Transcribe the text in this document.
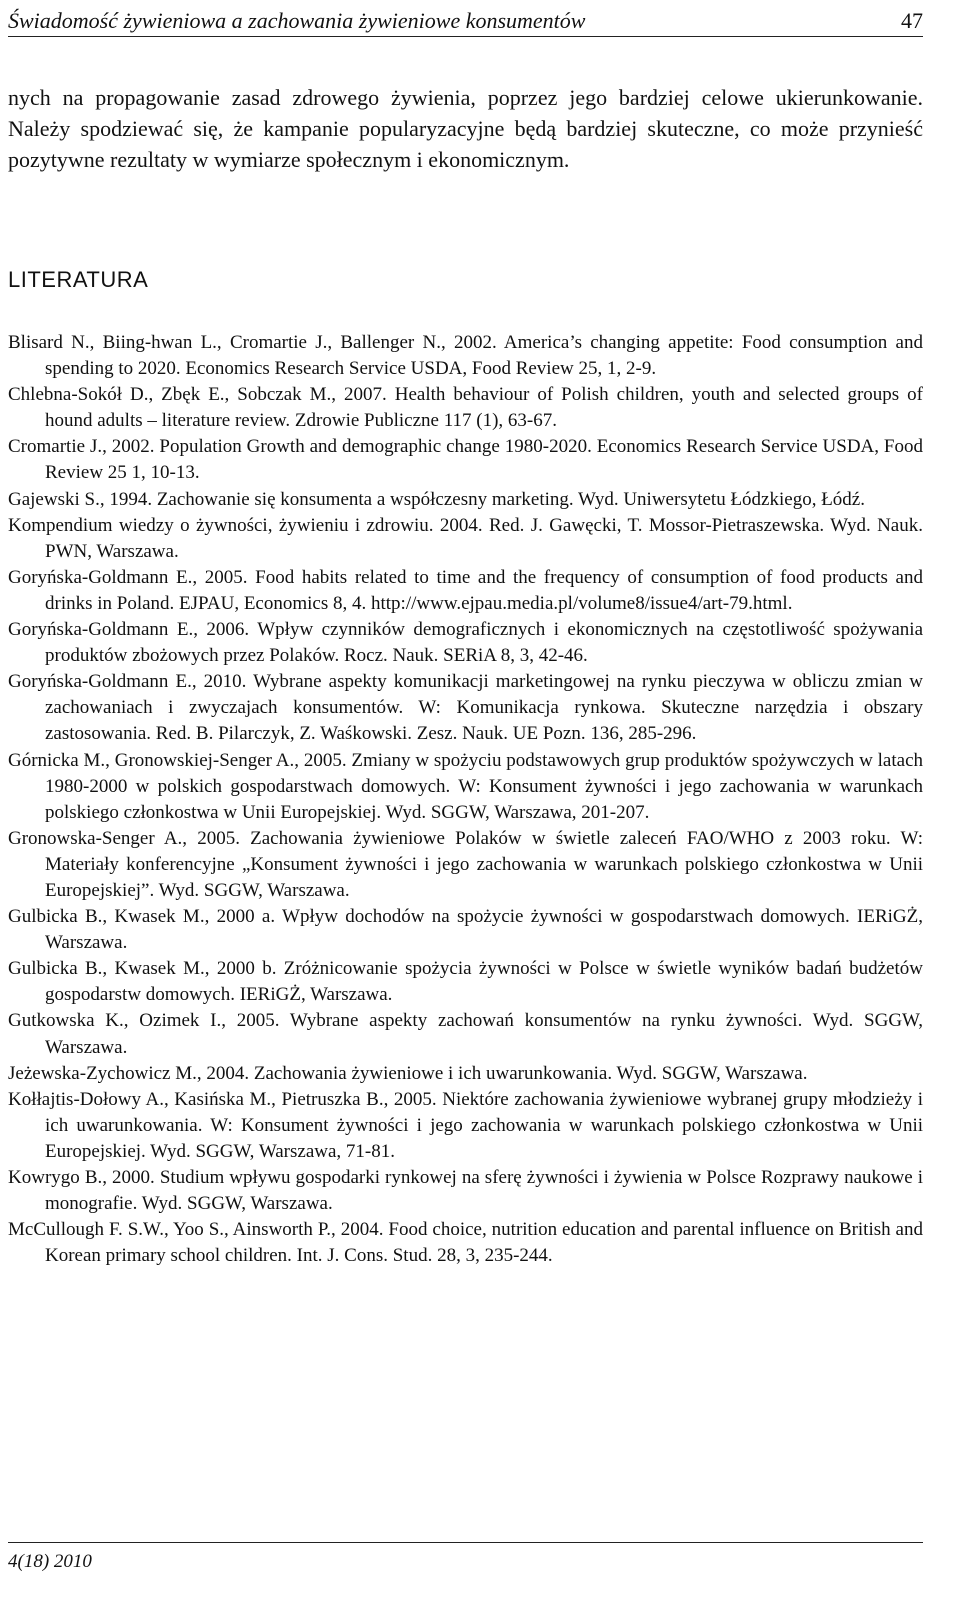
Świadomość żywieniowa a zachowania żywieniowe konsumentów	47

nych na propagowanie zasad zdrowego żywienia, poprzez jego bardziej celowe ukierunkowanie. Należy spodziewać się, że kampanie popularyzacyjne będą bardziej skuteczne, co może przynieść pozytywne rezultaty w wymiarze społecznym i ekonomicznym.

LITERATURA
Blisard N., Biing-hwan L., Cromartie J., Ballenger N., 2002. America’s changing appetite: Food consumption and spending to 2020. Economics Research Service USDA, Food Review 25, 1, 2-9.
Chlebna-Sokół D., Zbęk E., Sobczak M., 2007. Health behaviour of Polish children, youth and selected groups of hound adults – literature review. Zdrowie Publiczne 117 (1), 63-67.
Cromartie J., 2002. Population Growth and demographic change 1980-2020. Economics Research Service USDA, Food Review 25 1, 10-13.
Gajewski S., 1994. Zachowanie się konsumenta a współczesny marketing. Wyd. Uniwersytetu Łódzkiego, Łódź.
Kompendium wiedzy o żywności, żywieniu i zdrowiu. 2004. Red. J. Gawęcki, T. Mossor-Pietraszewska. Wyd. Nauk. PWN, Warszawa.
Goryńska-Goldmann E., 2005. Food habits related to time and the frequency of consumption of food products and drinks in Poland. EJPAU, Economics 8, 4. http://www.ejpau.media.pl/volume8/issue4/art-79.html.
Goryńska-Goldmann E., 2006. Wpływ czynników demograficznych i ekonomicznych na częstotliwość spożywania produktów zbożowych przez Polaków. Rocz. Nauk. SERiA 8, 3, 42-46.
Goryńska-Goldmann E., 2010. Wybrane aspekty komunikacji marketingowej na rynku pieczywa w obliczu zmian w zachowaniach i zwyczajach konsumentów. W: Komunikacja rynkowa. Skuteczne narzędzia i obszary zastosowania. Red. B. Pilarczyk, Z. Waśkowski. Zesz. Nauk. UE Pozn. 136, 285-296.
Górnicka M., Gronowskiej-Senger A., 2005. Zmiany w spożyciu podstawowych grup produktów spożywczych w latach 1980-2000 w polskich gospodarstwach domowych. W: Konsument żywności i jego zachowania w warunkach polskiego członkostwa w Unii Europejskiej. Wyd. SGGW, Warszawa, 201-207.
Gronowska-Senger A., 2005. Zachowania żywieniowe Polaków w świetle zaleceń FAO/WHO z 2003 roku. W: Materiały konferencyjne „Konsument żywności i jego zachowania w warunkach polskiego członkostwa w Unii Europejskiej”. Wyd. SGGW, Warszawa.
Gulbicka B., Kwasek M., 2000 a. Wpływ dochodów na spożycie żywności w gospodarstwach domowych. IERiGŻ, Warszawa.
Gulbicka B., Kwasek M., 2000 b. Zróżnicowanie spożycia żywności w Polsce w świetle wyników badań budżetów gospodarstw domowych. IERiGŻ, Warszawa.
Gutkowska K., Ozimek I., 2005. Wybrane aspekty zachowań konsumentów na rynku żywności. Wyd. SGGW, Warszawa.
Jeżewska-Zychowicz M., 2004. Zachowania żywieniowe i ich uwarunkowania. Wyd. SGGW, Warszawa.
Kołłajtis-Dołowy A., Kasińska M., Pietruszka B., 2005. Niektóre zachowania żywieniowe wybranej grupy młodzieży i ich uwarunkowania. W: Konsument żywności i jego zachowania w warunkach polskiego członkostwa w Unii Europejskiej. Wyd. SGGW, Warszawa, 71-81.
Kowrygo B., 2000. Studium wpływu gospodarki rynkowej na sferę żywności i żywienia w Polsce Rozprawy naukowe i monografie. Wyd. SGGW, Warszawa.
McCullough F. S.W., Yoo S., Ainsworth P., 2004. Food choice, nutrition education and parental influence on British and Korean primary school children. Int. J. Cons. Stud. 28, 3, 235-244.
4(18) 2010
